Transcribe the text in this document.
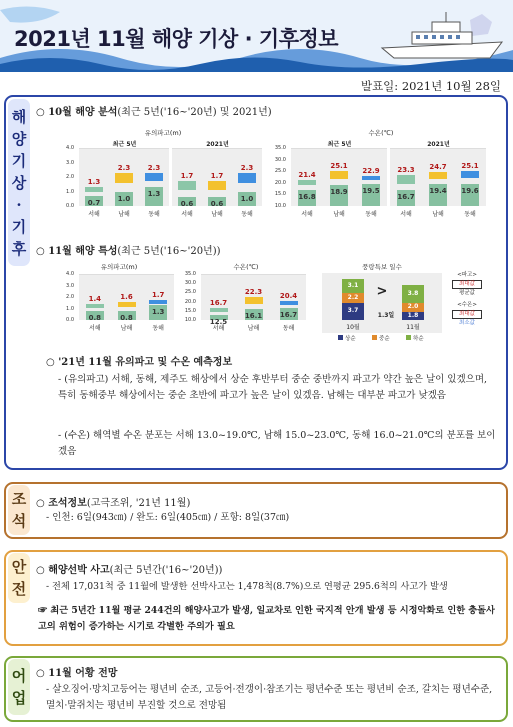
2021년 11월 해양 기상 · 기후정보
발표일: 2021년 10월 28일
해
양
기
상
·
기
후
○ 10월 해양 분석(최근 5년('16~'20년) 및 2021년)
○ 11월 해양 특성(최근 5년('16~'20년))
유의파고(m)
4.0
3.0
2.0
1.0
0.0
최근 5년
0.7
1.3
서해
1.0
2.3
남해
1.3
2.3
동해
2021년
0.6
1.7
서해
0.6
1.7
남해
1.0
2.3
동해
수온(℃)
35.0
30.0
25.0
20.0
15.0
10.0
최근 5년
16.8
21.4
서해
18.9
25.1
남해
19.5
22.9
동해
2021년
16.7
23.3
서해
19.4
24.7
남해
19.6
25.1
동해
유의파고(m)
4.0
3.0
2.0
1.0
0.0	0.8
1.4
서해
0.8
1.6
남해
1.3
1.7
동해
수온(℃)
35.0
30.0
25.0
20.0
15.0
10.0	12.5
16.7
서해
16.1
22.3
남해
16.7
20.4
동해
풍랑특보 일수
3.7
2.2
3.1
10월
1.8
2.0
3.8
11월
>
1.3일
상순	중순	하순
<파고>
최대값
평균값
<수온>
최대값
최소값
○ '21년 11월 유의파고 및 수온 예측정보
- (유의파고) 서해, 동해, 제주도 해상에서 상순 후반부터 중순 중반까지 파고가 약간 높은 날이 있겠으며, 특히 동해중부 해상에서는 중순 초반에 파고가 높은 날이 있겠음. 남해는 대부분 파고가 낮겠음
- (수온) 해역별 수온 분포는 서해 13.0~19.0℃, 남해 15.0~23.0℃, 동해 16.0~21.0℃의 분포를 보이겠음
조
석
○ 조석정보(고극조위, '21년 11월)
- 인천: 6일(943㎝) / 완도: 6일(405㎝) / 포항: 8일(37㎝)
안
전
○ 해양선박 사고(최근 5년간('16~'20년))
- 전체 17,031척 중 11월에 발생한 선박사고는 1,478척(8.7%)으로 연평균 295.6척의 사고가 발생
☞ 최근 5년간 11월 평균 244건의 해양사고가 발생, 일교차로 인한 국지적 안개 발생 등 시정악화로 인한 충돌사고의 위험이 증가하는 시기로 각별한 주의가 필요
어
업
○ 11월 어황 전망
- 살오징어·망치고등어는 평년비 순조, 고등어·전갱이·참조기는 평년수준 또는 평년비 순조, 갈치는 평년수준, 멸치·말쥐치는 평년비 부진할 것으로 전망됨
